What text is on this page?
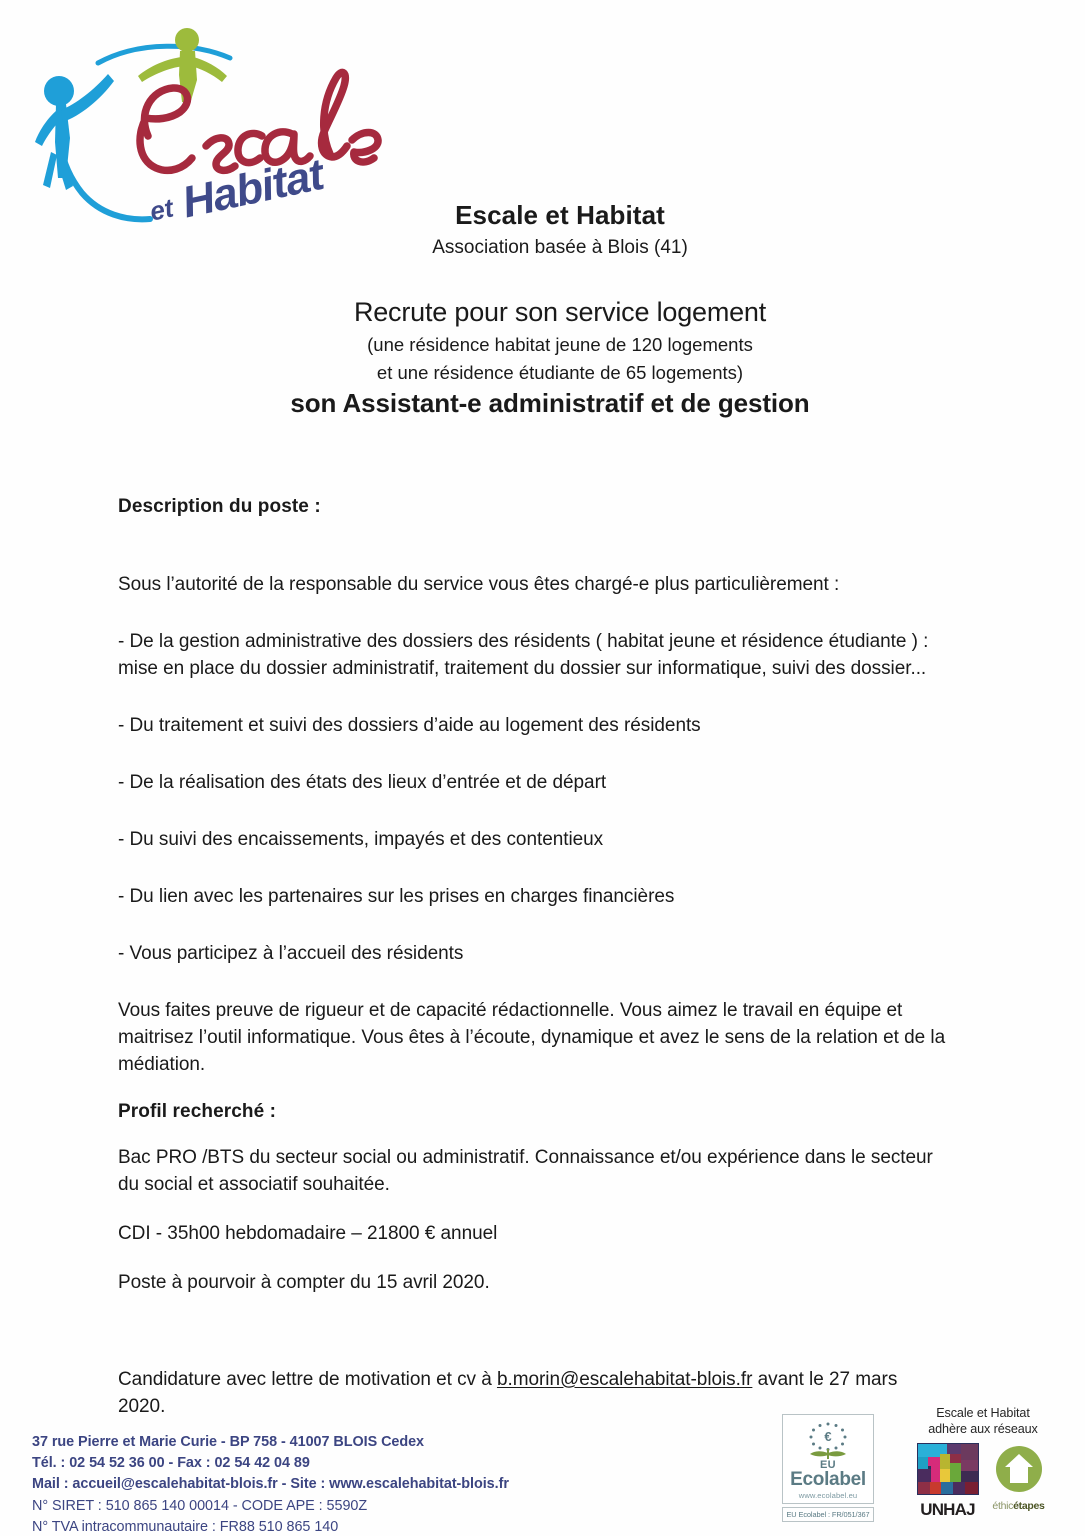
et Habitat	Escale et Habitat

Association basée à Blois (41)

Recrute pour son service logement

(une résidence habitat jeune de 120 logements

et une résidence étudiante de 65 logements)

son Assistant-e administratif et de gestion

Description du poste :

Sous l’autorité de la responsable du service vous êtes chargé-e plus particulièrement :

- De la gestion administrative des dossiers des résidents ( habitat jeune et résidence étudiante ) : mise en place du dossier administratif, traitement du dossier sur informatique, suivi des dossier...
- Du traitement et suivi des dossiers d’aide au logement des résidents
- De la réalisation des états des lieux d’entrée et de départ
- Du suivi des encaissements, impayés et des contentieux
- Du lien avec les partenaires sur les prises en charges financières
- Vous participez à l’accueil des résidents

Vous faites preuve de rigueur et de capacité rédactionnelle. Vous aimez le travail en équipe et maitrisez l’outil informatique. Vous êtes à l’écoute, dynamique et avez le sens de la relation et de la médiation.

Profil recherché :

Bac PRO /BTS du secteur social ou administratif. Connaissance et/ou expérience dans le secteur du social et associatif souhaitée.

CDI - 35h00 hebdomadaire – 21800 € annuel

Poste à pourvoir à compter du 15 avril 2020.

Candidature avec lettre de motivation et cv à b.morin@escalehabitat-blois.fr avant le 27 mars 2020.

37 rue Pierre et Marie Curie - BP 758 - 41007 BLOIS Cedex
Tél. : 02 54 52 36 00 - Fax : 02 54 42 04 89
Mail : accueil@escalehabitat-blois.fr - Site : www.escalehabitat-blois.fr
N° SIRET : 510 865 140 00014 - CODE APE : 5590Z
N° TVA intracommunautaire : FR88 510 865 140
€
EU
Ecolabel
www.ecolabel.eu
EU Ecolabel : FR/051/367
Escale et Habitat
adhère aux réseaux
UNHAJ	éthicétapes
